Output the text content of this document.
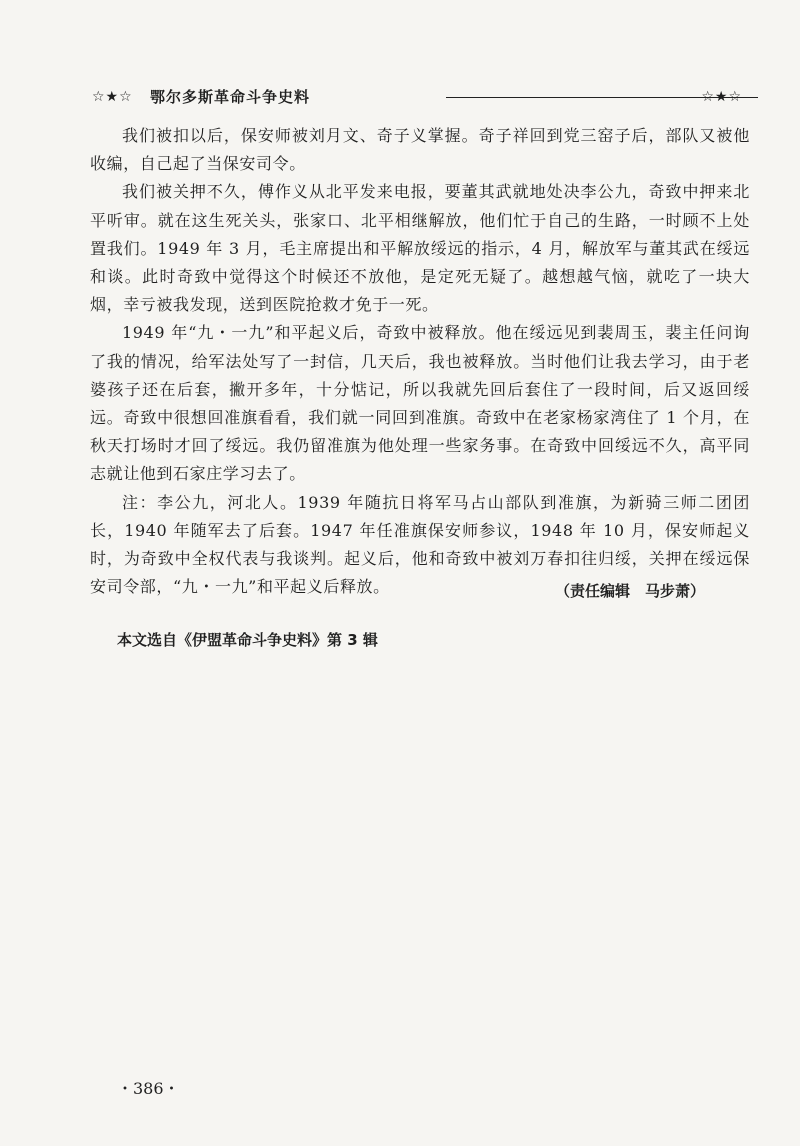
☆★☆ 鄂尔多斯革命斗争史料	☆★☆

我们被扣以后，保安师被刘月文、奇子义掌握。奇子祥回到党三窑子后，部队又被他收编，自己起了当保安司令。

我们被关押不久，傅作义从北平发来电报，要董其武就地处决李公九，奇致中押来北平听审。就在这生死关头，张家口、北平相继解放，他们忙于自己的生路，一时顾不上处置我们。1949 年 3 月，毛主席提出和平解放绥远的指示，4 月，解放军与董其武在绥远和谈。此时奇致中觉得这个时候还不放他，是定死无疑了。越想越气恼，就吃了一块大烟，幸亏被我发现，送到医院抢救才免于一死。

1949 年“九・一九”和平起义后，奇致中被释放。他在绥远见到裴周玉，裴主任问询了我的情况，给军法处写了一封信，几天后，我也被释放。当时他们让我去学习，由于老婆孩子还在后套，撇开多年，十分惦记，所以我就先回后套住了一段时间，后又返回绥远。奇致中很想回准旗看看，我们就一同回到准旗。奇致中在老家杨家湾住了 1 个月，在秋天打场时才回了绥远。我仍留准旗为他处理一些家务事。在奇致中回绥远不久，高平同志就让他到石家庄学习去了。

注：李公九，河北人。1939 年随抗日将军马占山部队到准旗，为新骑三师二团团长，1940 年随军去了后套。1947 年任准旗保安师参议，1948 年 10 月，保安师起义时，为奇致中全权代表与我谈判。起义后，他和奇致中被刘万春扣往归绥，关押在绥远保安司令部，“九・一九”和平起义后释放。	（责任编辑　马步萧）
本文选自《伊盟革命斗争史料》第 3 辑
・386・
